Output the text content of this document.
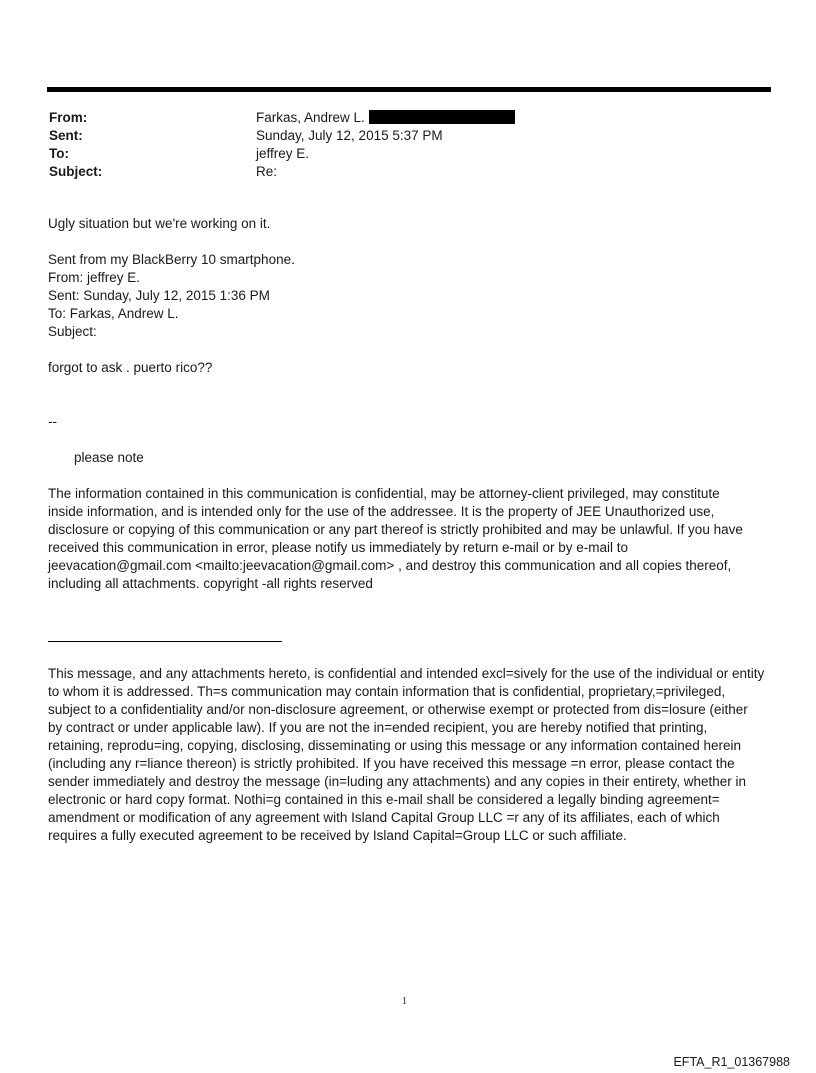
From:	Farkas, Andrew L.
Sent:	Sunday, July 12, 2015 5:37 PM
To:	jeffrey E.
Subject:	Re:
Ugly situation but we're working on it.
Sent from my BlackBerry 10 smartphone.
From: jeffrey E.
Sent: Sunday, July 12, 2015 1:36 PM
To: Farkas, Andrew L.
Subject:
forgot to ask . puerto rico??
--
please note
The information contained in this communication is confidential, may be attorney-client privileged, may constitute
inside information, and is intended only for the use of the addressee. It is the property of JEE Unauthorized use,
disclosure or copying of this communication or any part thereof is strictly prohibited and may be unlawful. If you have
received this communication in error, please notify us immediately by return e-mail or by e-mail to
jeevacation@gmail.com <mailto:jeevacation@gmail.com> , and destroy this communication and all copies thereof,
including all attachments. copyright -all rights reserved
This message, and any attachments hereto, is confidential and intended excl=sively for the use of the individual or entity
to whom it is addressed. Th=s communication may contain information that is confidential, proprietary,=privileged,
subject to a confidentiality and/or non-disclosure agreement, or otherwise exempt or protected from dis=losure (either
by contract or under applicable law). If you are not the in=ended recipient, you are hereby notified that printing,
retaining, reprodu=ing, copying, disclosing, disseminating or using this message or any information contained herein
(including any r=liance thereon) is strictly prohibited. If you have received this message =n error, please contact the
sender immediately and destroy the message (in=luding any attachments) and any copies in their entirety, whether in
electronic or hard copy format. Nothi=g contained in this e-mail shall be considered a legally binding agreement=
amendment or modification of any agreement with Island Capital Group LLC =r any of its affiliates, each of which
requires a fully executed agreement to be received by Island Capital=Group LLC or such affiliate.
1
EFTA_R1_01367988
